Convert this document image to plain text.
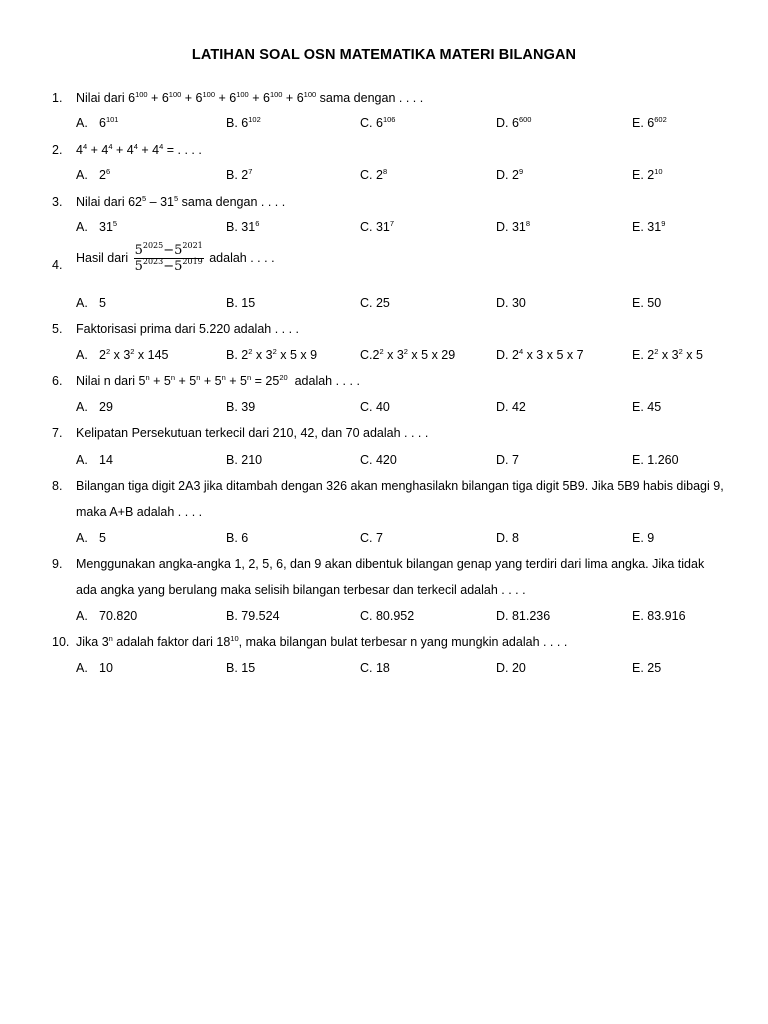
LATIHAN SOAL OSN MATEMATIKA MATERI BILANGAN
1. Nilai dari $6^{100} + 6^{100} + 6^{100} + 6^{100} + 6^{100} + 6^{100}$ sama dengan . . . .
A. $6^{101}$	B. $6^{102}$	C. $6^{106}$	D. $6^{600}$	E. $6^{602}$
2. $4^4 + 4^4 + 4^4 + 4^4$ = . . . .
A. $2^6$	B. $2^7$	C. $2^8$	D. $2^9$	E. $2^{10}$
3. Nilai dari $62^5 - 31^5$ sama dengan . . . .
A. $31^5$	B. $31^6$	C. $31^7$	D. $31^8$	E. $31^9$
4.
Hasil dari $\frac{5^{2025}-5^{2021}}{5^{2023}-5^{2019}}$ adalah . . . .
A. 5	B. 15	C. 25	D. 30	E. 50
5. Faktorisasi prima dari 5.220 adalah . . . .
A. $2^2$ x $3^2$ x 145	B. $2^2$ x $3^2$ x 5 x 9	$C.2^2$ x $3^2$ x 5 x 29	D. $2^4$ x 3 x 5 x 7	E. $2^2$ x $3^2$ x 5
6. Nilai n dari $5^n + 5^n + 5^n + 5^n + 5^n = 25^{20}$  adalah . . . .
A. 29	B. 39	C. 40	D. 42	E. 45
7. Kelipatan Persekutuan terkecil dari 210, 42, dan 70 adalah . . . .
A. 14	B. 210	C. 420	D. 7	E. 1.260
8. Bilangan tiga digit 2A3 jika ditambah dengan 326 akan menghasilakn bilangan tiga digit 5B9. Jika 5B9 habis dibagi 9,
maka A+B adalah . . . .
A. 5	B. 6	C. 7	D. 8	E. 9
9. Menggunakan angka-angka 1, 2, 5, 6, dan 9 akan dibentuk bilangan genap yang terdiri dari lima angka. Jika tidak
ada angka yang berulang maka selisih bilangan terbesar dan terkecil adalah . . . .
A. 70.820	B. 79.524	C. 80.952	D. 81.236	E. 83.916
10. Jika 3$^n$ adalah faktor dari $18^{10}$, maka bilangan bulat terbesar n yang mungkin adalah . . . .
A. 10	B. 15	C. 18	D. 20	E. 25
